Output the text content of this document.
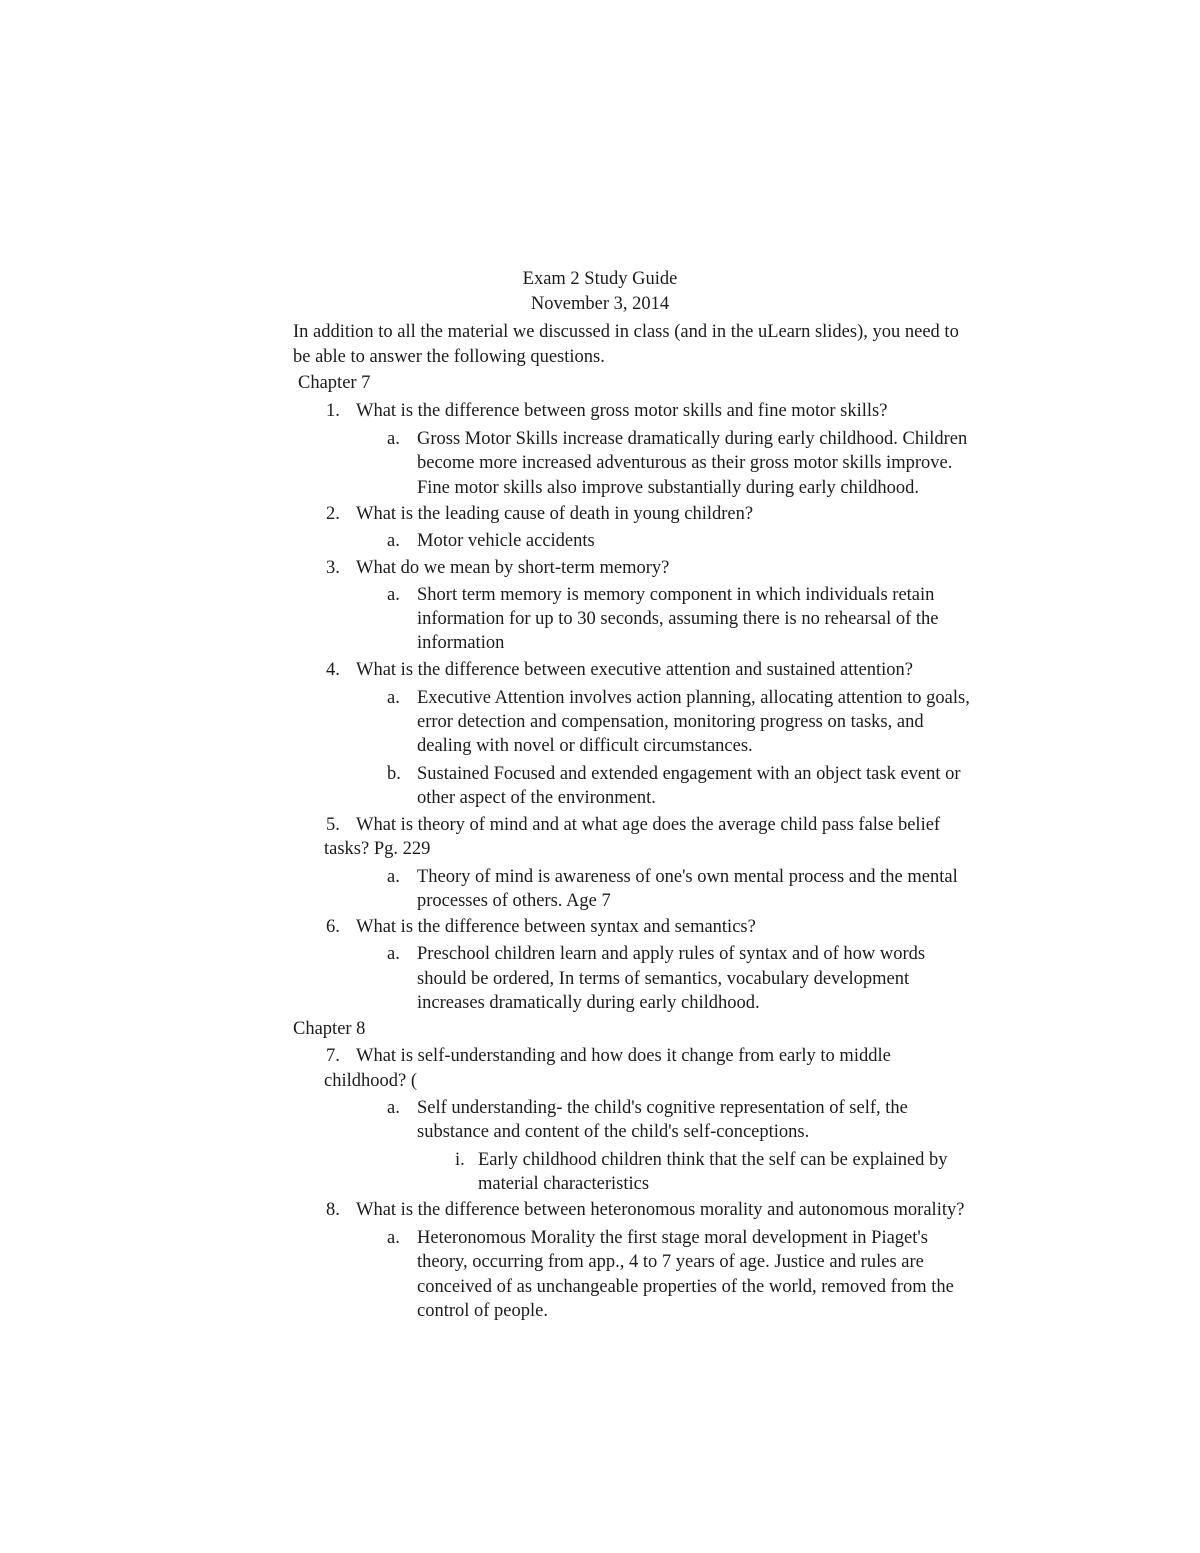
Exam 2 Study Guide
November 3, 2014
In addition to all the material we discussed in class (and in the uLearn slides), you need to
be able to answer the following questions.
Chapter 7
1. What is the difference between gross motor skills and fine motor skills?
a. Gross Motor Skills increase dramatically during early childhood. Children
become more increased adventurous as their gross motor skills improve.
Fine motor skills also improve substantially during early childhood.
2. What is the leading cause of death in young children?
a. Motor vehicle accidents
3. What do we mean by short-term memory?
a. Short term memory is memory component in which individuals retain
information for up to 30 seconds, assuming there is no rehearsal of the
information
4. What is the difference between executive attention and sustained attention?
a. Executive Attention involves action planning, allocating attention to goals,
error detection and compensation, monitoring progress on tasks, and
dealing with novel or difficult circumstances.
b. Sustained Focused and extended engagement with an object task event or
other aspect of the environment.
5. What is theory of mind and at what age does the average child pass false belief
tasks? Pg. 229
a. Theory of mind is awareness of one's own mental process and the mental
processes of others. Age 7
6. What is the difference between syntax and semantics?
a. Preschool children learn and apply rules of syntax and of how words
should be ordered, In terms of semantics, vocabulary development
increases dramatically during early childhood.
Chapter 8
7. What is self-understanding and how does it change from early to middle
childhood? (
a. Self understanding- the child's cognitive representation of self, the
substance and content of the child's self-conceptions.
i. Early childhood children think that the self can be explained by
material characteristics
8. What is the difference between heteronomous morality and autonomous morality?
a. Heteronomous Morality the first stage moral development in Piaget's
theory, occurring from app., 4 to 7 years of age. Justice and rules are
conceived of as unchangeable properties of the world, removed from the
control of people.
